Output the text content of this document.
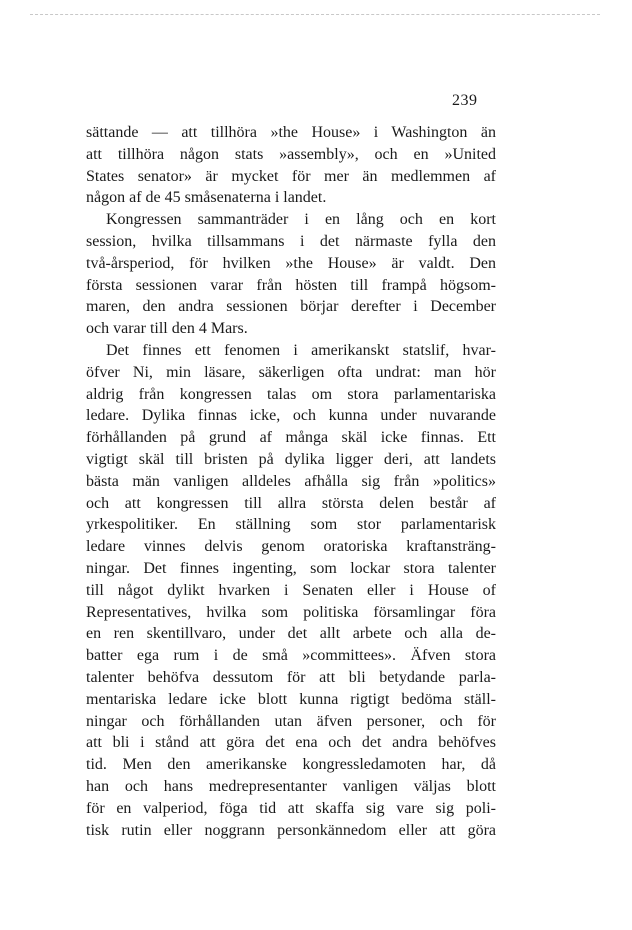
239
sättande — att tillhöra »the House» i Washington än
att tillhöra någon stats »assembly», och en »United
States senator» är mycket för mer än medlemmen af
någon af de 45 småsenaterna i landet.
Kongressen sammanträder i en lång och en kort
session, hvilka tillsammans i det närmaste fylla den
två-årsperiod, för hvilken »the House» är valdt. Den
första sessionen varar från hösten till frampå högsom-
maren, den andra sessionen börjar derefter i December
och varar till den 4 Mars.
Det finnes ett fenomen i amerikanskt statslif, hvar-
öfver Ni, min läsare, säkerligen ofta undrat: man hör
aldrig från kongressen talas om stora parlamentariska
ledare. Dylika finnas icke, och kunna under nuvarande
förhållanden på grund af många skäl icke finnas. Ett
vigtigt skäl till bristen på dylika ligger deri, att landets
bästa män vanligen alldeles afhålla sig från »politics»
och att kongressen till allra största delen består af
yrkespolitiker. En ställning som stor parlamentarisk
ledare vinnes delvis genom oratoriska kraftansträng-
ningar. Det finnes ingenting, som lockar stora talenter
till något dylikt hvarken i Senaten eller i House of
Representatives, hvilka som politiska församlingar föra
en ren skentillvaro, under det allt arbete och alla de-
batter ega rum i de små »committees». Äfven stora
talenter behöfva dessutom för att bli betydande parla-
mentariska ledare icke blott kunna rigtigt bedöma ställ-
ningar och förhållanden utan äfven personer, och för
att bli i stånd att göra det ena och det andra behöfves
tid. Men den amerikanske kongressledamoten har, då
han och hans medrepresentanter vanligen väljas blott
för en valperiod, föga tid att skaffa sig vare sig poli-
tisk rutin eller noggrann personkännedom eller att göra
